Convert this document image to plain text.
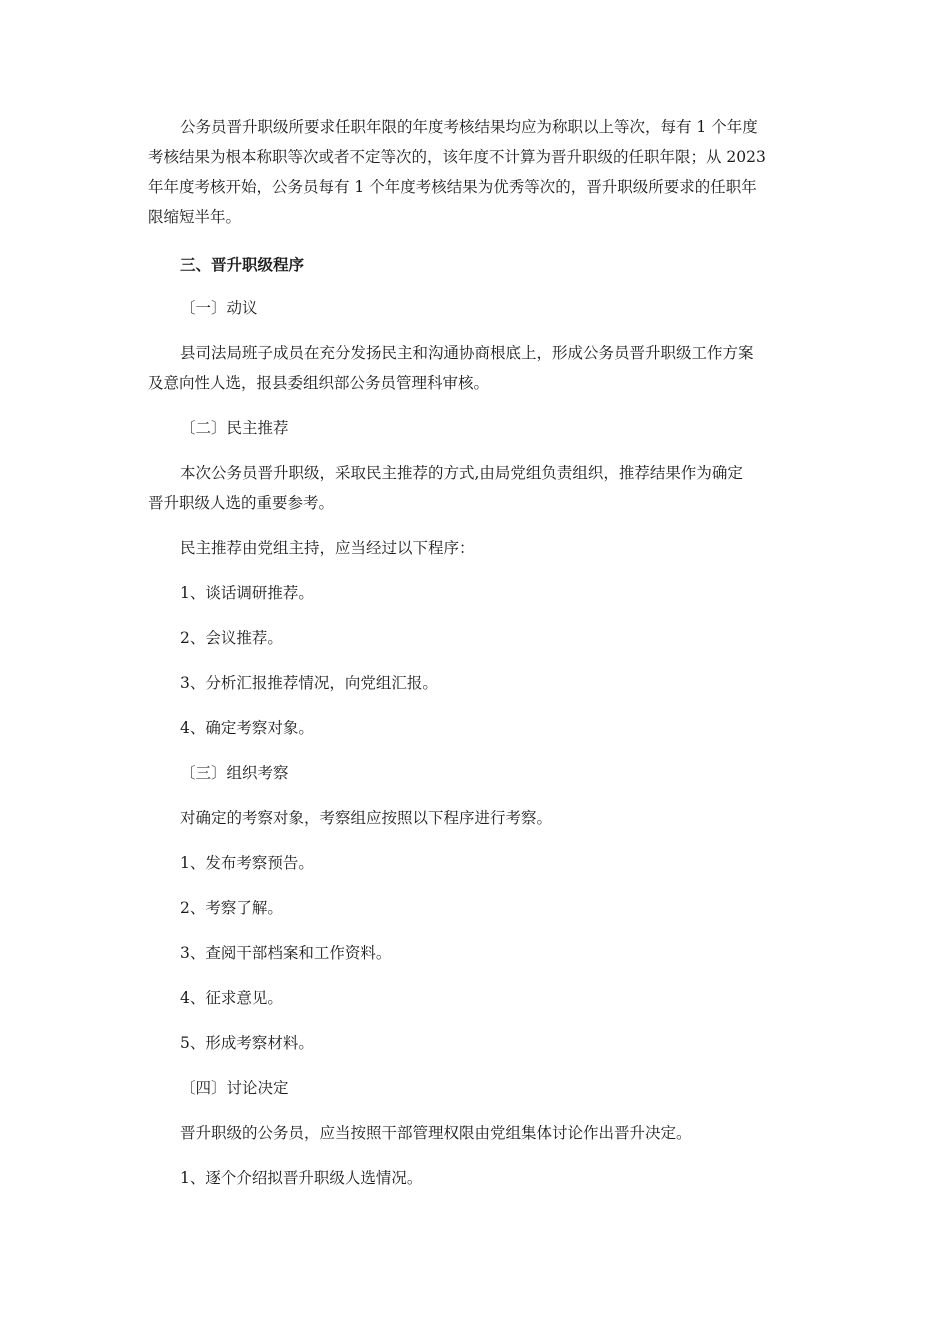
公务员晋升职级所要求任职年限的年度考核结果均应为称职以上等次，每有 1 个年度
考核结果为根本称职等次或者不定等次的，该年度不计算为晋升职级的任职年限；从 2023
年年度考核开始，公务员每有 1 个年度考核结果为优秀等次的，晋升职级所要求的任职年
限缩短半年。
三、晋升职级程序
〔一〕动议
县司法局班子成员在充分发扬民主和沟通协商根底上，形成公务员晋升职级工作方案
及意向性人选，报县委组织部公务员管理科审核。
〔二〕民主推荐
本次公务员晋升职级，采取民主推荐的方式,由局党组负责组织，推荐结果作为确定
晋升职级人选的重要参考。
民主推荐由党组主持，应当经过以下程序：
1、谈话调研推荐。
2、会议推荐。
3、分析汇报推荐情况，向党组汇报。
4、确定考察对象。
〔三〕组织考察
对确定的考察对象，考察组应按照以下程序进行考察。
1、发布考察预告。
2、考察了解。
3、查阅干部档案和工作资料。
4、征求意见。
5、形成考察材料。
〔四〕讨论决定
晋升职级的公务员，应当按照干部管理权限由党组集体讨论作出晋升决定。
1、逐个介绍拟晋升职级人选情况。
